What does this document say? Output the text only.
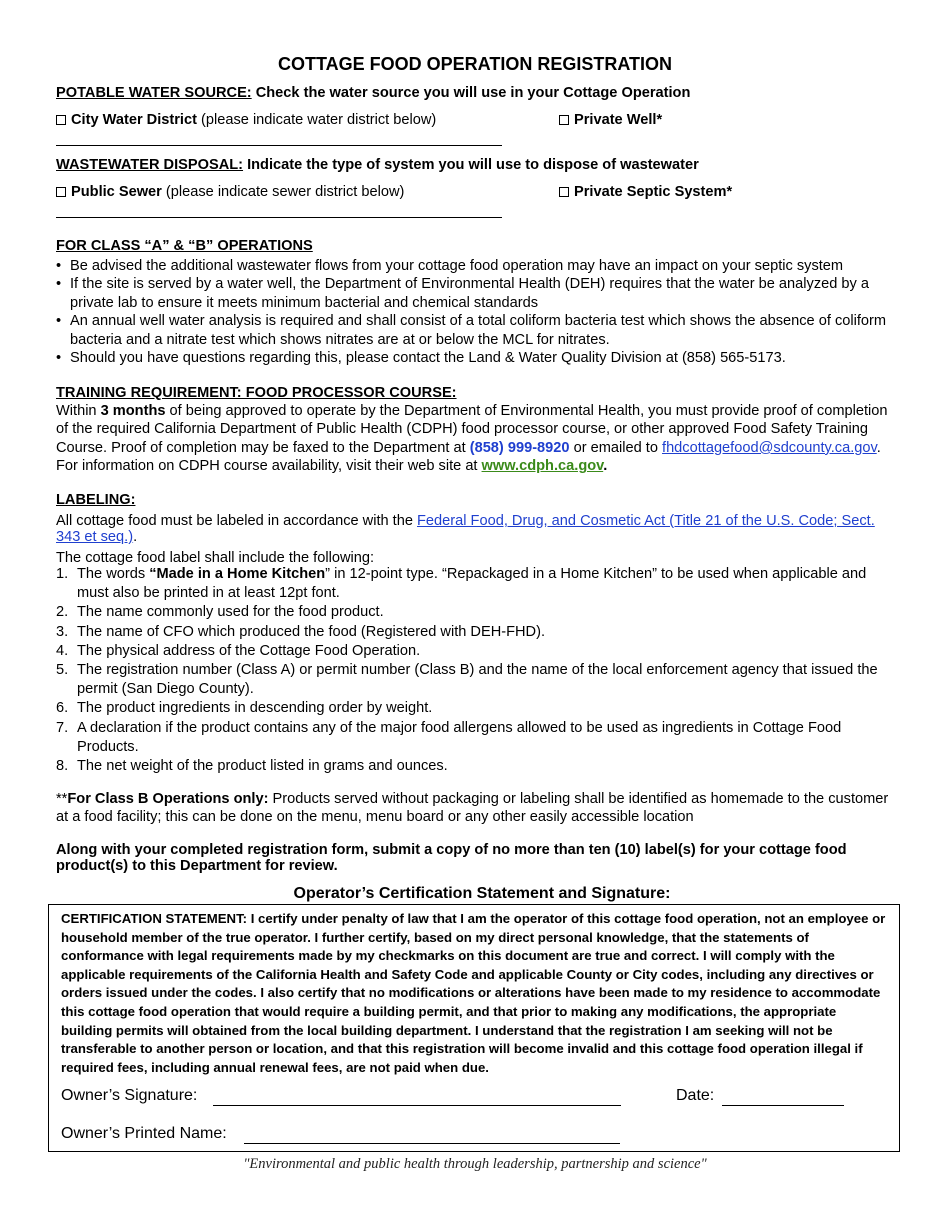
COTTAGE FOOD OPERATION REGISTRATION
POTABLE WATER SOURCE: Check the water source you will use in your Cottage Operation
City Water District (please indicate water district below)	Private Well*
WASTEWATER DISPOSAL: Indicate the type of system you will use to dispose of wastewater
Public Sewer (please indicate sewer district below)	Private Septic System*
FOR CLASS “A” & “B” OPERATIONS
• Be advised the additional wastewater flows from your cottage food operation may have an impact on your septic system
• If the site is served by a water well, the Department of Environmental Health (DEH) requires that the water be analyzed by a private lab to ensure it meets minimum bacterial and chemical standards
• An annual well water analysis is required and shall consist of a total coliform bacteria test which shows the absence of coliform bacteria and a nitrate test which shows nitrates are at or below the MCL for nitrates.
• Should you have questions regarding this, please contact the Land & Water Quality Division at (858) 565-5173.
TRAINING REQUIREMENT: FOOD PROCESSOR COURSE:
Within 3 months of being approved to operate by the Department of Environmental Health, you must provide proof of completion of the required California Department of Public Health (CDPH) food processor course, or other approved Food Safety Training Course. Proof of completion may be faxed to the Department at (858) 999-8920 or emailed to fhdcottagefood@sdcounty.ca.gov. For information on CDPH course availability, visit their web site at www.cdph.ca.gov.
LABELING:
All cottage food must be labeled in accordance with the Federal Food, Drug, and Cosmetic Act (Title 21 of the U.S. Code; Sect. 343 et seq.).
The cottage food label shall include the following:
1. The words “Made in a Home Kitchen” in 12-point type. “Repackaged in a Home Kitchen” to be used when applicable and must also be printed in at least 12pt font.
2. The name commonly used for the food product.
3. The name of CFO which produced the food (Registered with DEH-FHD).
4. The physical address of the Cottage Food Operation.
5. The registration number (Class A) or permit number (Class B) and the name of the local enforcement agency that issued the permit (San Diego County).
6. The product ingredients in descending order by weight.
7. A declaration if the product contains any of the major food allergens allowed to be used as ingredients in Cottage Food Products.
8. The net weight of the product listed in grams and ounces.
**For Class B Operations only: Products served without packaging or labeling shall be identified as homemade to the customer at a food facility; this can be done on the menu, menu board or any other easily accessible location
Along with your completed registration form, submit a copy of no more than ten (10) label(s) for your cottage food product(s) to this Department for review.
Operator’s Certification Statement and Signature:
CERTIFICATION STATEMENT: I certify under penalty of law that I am the operator of this cottage food operation, not an employee or household member of the true operator. I further certify, based on my direct personal knowledge, that the statements of conformance with legal requirements made by my checkmarks on this document are true and correct. I will comply with the applicable requirements of the California Health and Safety Code and applicable County or City codes, including any directives or orders issued under the codes. I also certify that no modifications or alterations have been made to my residence to accommodate this cottage food operation that would require a building permit, and that prior to making any modifications, the appropriate building permits will obtained from the local building department. I understand that the registration I am seeking will not be transferable to another person or location, and that this registration will become invalid and this cottage food operation illegal if required fees, including annual renewal fees, are not paid when due.
Owner’s Signature:	Date:
Owner’s Printed Name:
"Environmental and public health through leadership, partnership and science"
